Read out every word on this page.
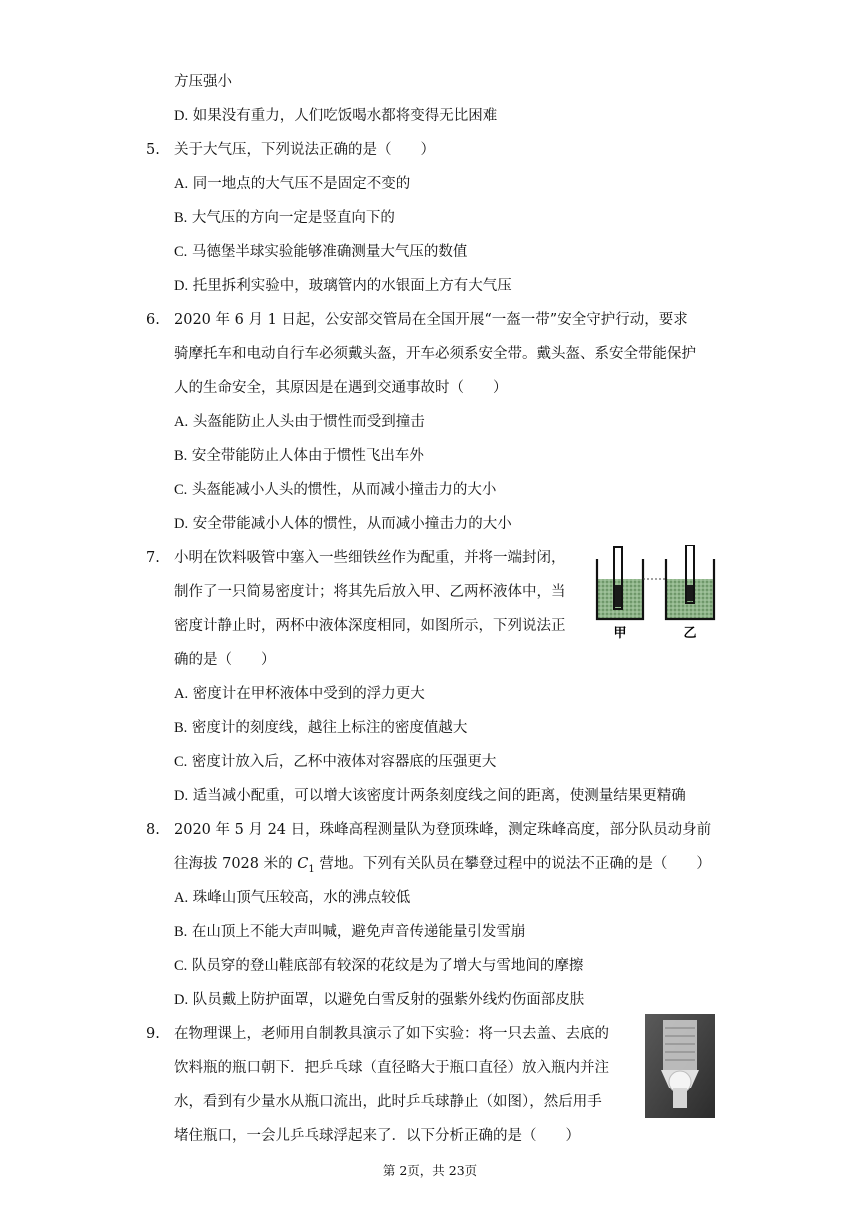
方压强小
D. 如果没有重力，人们吃饭喝水都将变得无比困难
5. 关于大气压，下列说法正确的是（　　）
A. 同一地点的大气压不是固定不变的
B. 大气压的方向一定是竖直向下的
C. 马德堡半球实验能够准确测量大气压的数值
D. 托里拆利实验中，玻璃管内的水银面上方有大气压
6. 2020 年 6 月 1 日起，公安部交管局在全国开展“一盔一带”安全守护行动，要求
骑摩托车和电动自行车必须戴头盔，开车必须系安全带。戴头盔、系安全带能保护
人的生命安全，其原因是在遇到交通事故时（　　）
A. 头盔能防止人头由于惯性而受到撞击
B. 安全带能防止人体由于惯性飞出车外
C. 头盔能减小人头的惯性，从而减小撞击力的大小
D. 安全带能减小人体的惯性，从而减小撞击力的大小
7. 小明在饮料吸管中塞入一些细铁丝作为配重，并将一端封闭，
制作了一只简易密度计；将其先后放入甲、乙两杯液体中，当
密度计静止时，两杯中液体深度相同，如图所示，下列说法正
确的是（　　）
甲	乙
A. 密度计在甲杯液体中受到的浮力更大
B. 密度计的刻度线，越往上标注的密度值越大
C. 密度计放入后，乙杯中液体对容器底的压强更大
D. 适当减小配重，可以增大该密度计两条刻度线之间的距离，使测量结果更精确
8. 2020 年 5 月 24 日，珠峰高程测量队为登顶珠峰，测定珠峰高度，部分队员动身前
往海拔 7028 米的 $C_1$ 营地。下列有关队员在攀登过程中的说法不正确的是（　　）
A. 珠峰山顶气压较高，水的沸点较低
B. 在山顶上不能大声叫喊，避免声音传递能量引发雪崩
C. 队员穿的登山鞋底部有较深的花纹是为了增大与雪地间的摩擦
D. 队员戴上防护面罩，以避免白雪反射的强紫外线灼伤面部皮肤
9. 在物理课上，老师用自制教具演示了如下实验：将一只去盖、去底的
饮料瓶的瓶口朝下．把乒乓球（直径略大于瓶口直径）放入瓶内并注
水，看到有少量水从瓶口流出，此时乒乓球静止（如图），然后用手
堵住瓶口，一会儿乒乓球浮起来了．以下分析正确的是（　　）
第 2页，共 23页
